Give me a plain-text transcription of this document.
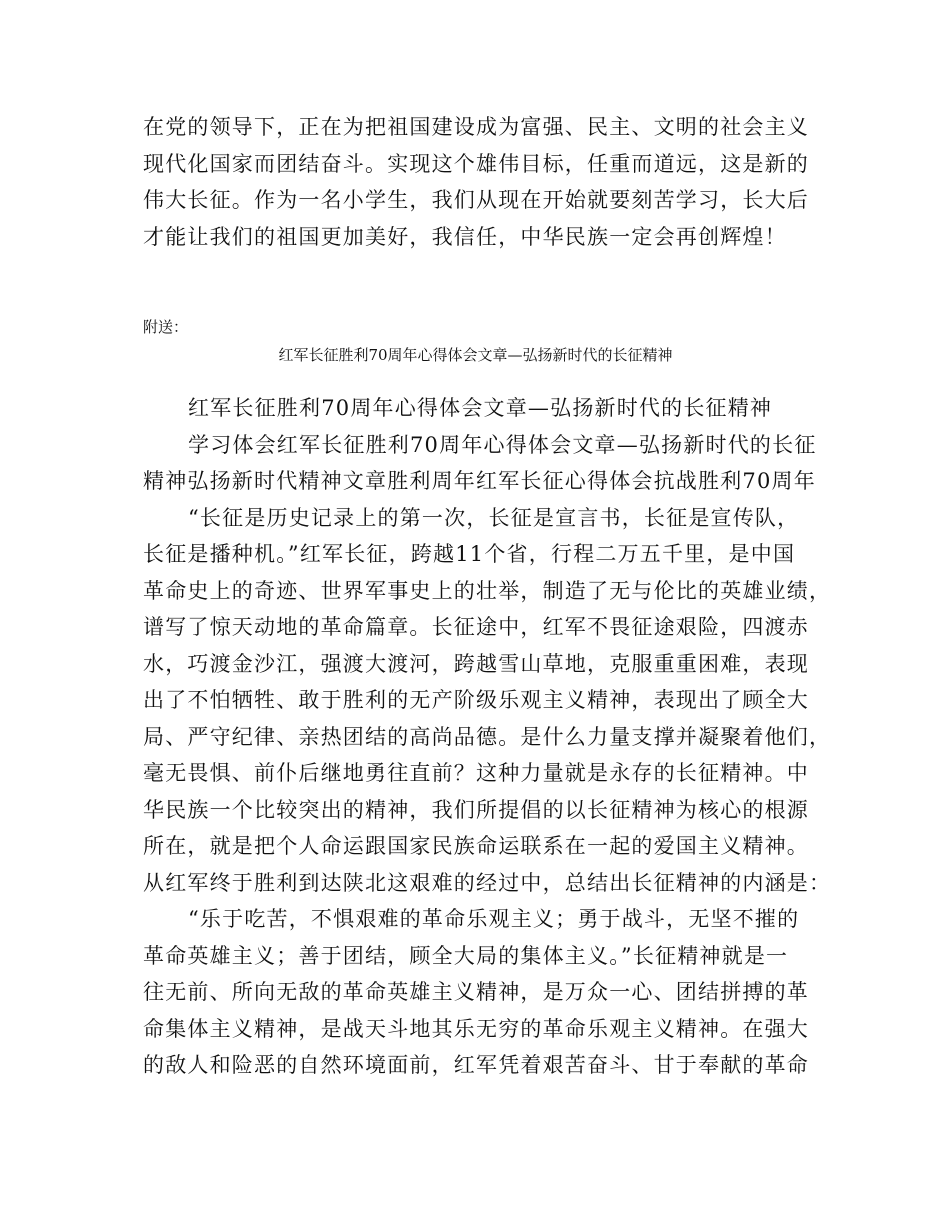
在党的领导下，正在为把祖国建设成为富强、民主、文明的社会主义
现代化国家而团结奋斗。实现这个雄伟目标，任重而道远，这是新的
伟大长征。作为一名小学生，我们从现在开始就要刻苦学习，长大后
才能让我们的祖国更加美好，我信任，中华民族一定会再创辉煌！
附送：
红军长征胜利70周年心得体会文章—弘扬新时代的长征精神
红军长征胜利70周年心得体会文章—弘扬新时代的长征精神
学习体会红军长征胜利70周年心得体会文章—弘扬新时代的长征
精神弘扬新时代精神文章胜利周年红军长征心得体会抗战胜利70周年
“长征是历史记录上的第一次，长征是宣言书，长征是宣传队，
长征是播种机。”红军长征，跨越11个省，行程二万五千里，是中国
革命史上的奇迹、世界军事史上的壮举，制造了无与伦比的英雄业绩，
谱写了惊天动地的革命篇章。长征途中，红军不畏征途艰险，四渡赤
水，巧渡金沙江，强渡大渡河，跨越雪山草地，克服重重困难，表现
出了不怕牺牲、敢于胜利的无产阶级乐观主义精神，表现出了顾全大
局、严守纪律、亲热团结的高尚品德。是什么力量支撑并凝聚着他们，
毫无畏惧、前仆后继地勇往直前？这种力量就是永存的长征精神。中
华民族一个比较突出的精神，我们所提倡的以长征精神为核心的根源
所在，就是把个人命运跟国家民族命运联系在一起的爱国主义精神。
从红军终于胜利到达陕北这艰难的经过中，总结出长征精神的内涵是：
“乐于吃苦，不惧艰难的革命乐观主义；勇于战斗，无坚不摧的
革命英雄主义；善于团结，顾全大局的集体主义。”长征精神就是一
往无前、所向无敌的革命英雄主义精神，是万众一心、团结拼搏的革
命集体主义精神，是战天斗地其乐无穷的革命乐观主义精神。在强大
的敌人和险恶的自然环境面前，红军凭着艰苦奋斗、甘于奉献的革命
